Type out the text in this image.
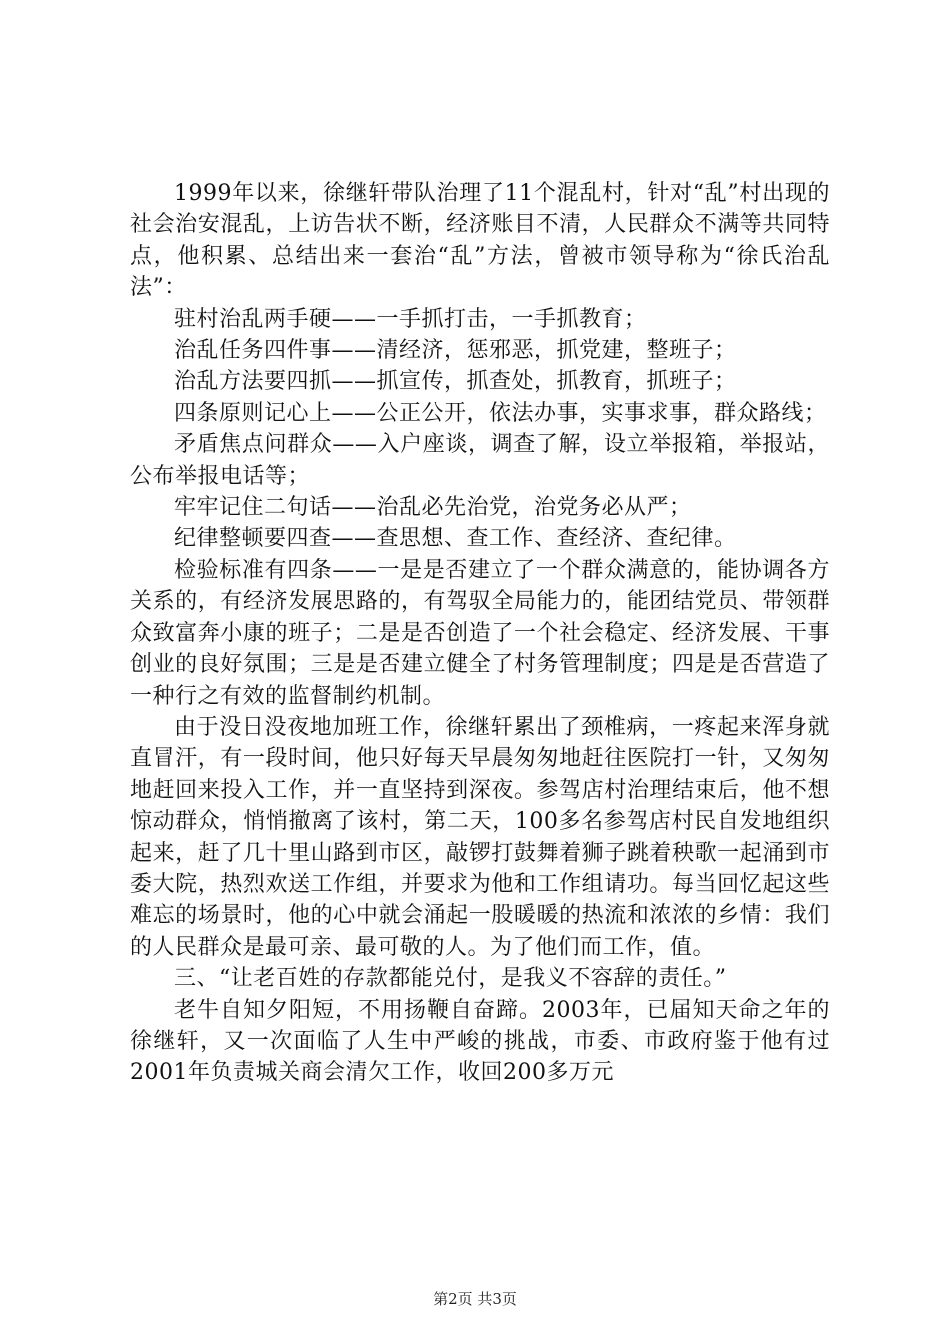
1999年以来，徐继轩带队治理了11个混乱村，针对“乱”村出现的社会治安混乱，上访告状不断，经济账目不清，人民群众不满等共同特点，他积累、总结出来一套治“乱”方法，曾被市领导称为“徐氏治乱法”：

驻村治乱两手硬——一手抓打击，一手抓教育；

治乱任务四件事——清经济，惩邪恶，抓党建，整班子；

治乱方法要四抓——抓宣传，抓查处，抓教育，抓班子；

四条原则记心上——公正公开，依法办事，实事求事，群众路线；

矛盾焦点问群众——入户座谈，调查了解，设立举报箱，举报站，公布举报电话等；

牢牢记住二句话——治乱必先治党，治党务必从严；

纪律整顿要四查——查思想、查工作、查经济、查纪律。

检验标准有四条——一是是否建立了一个群众满意的，能协调各方关系的，有经济发展思路的，有驾驭全局能力的，能团结党员、带领群众致富奔小康的班子；二是是否创造了一个社会稳定、经济发展、干事创业的良好氛围；三是是否建立健全了村务管理制度；四是是否营造了一种行之有效的监督制约机制。

由于没日没夜地加班工作，徐继轩累出了颈椎病，一疼起来浑身就直冒汗，有一段时间，他只好每天早晨匆匆地赶往医院打一针，又匆匆地赶回来投入工作，并一直坚持到深夜。参驾店村治理结束后，他不想惊动群众，悄悄撤离了该村，第二天，100多名参驾店村民自发地组织起来，赶了几十里山路到市区，敲锣打鼓舞着狮子跳着秧歌一起涌到市委大院，热烈欢送工作组，并要求为他和工作组请功。每当回忆起这些难忘的场景时，他的心中就会涌起一股暖暖的热流和浓浓的乡情：我们的人民群众是最可亲、最可敬的人。为了他们而工作，值。

三、“让老百姓的存款都能兑付，是我义不容辞的责任。”

老牛自知夕阳短，不用扬鞭自奋蹄。2003年，已届知天命之年的徐继轩，又一次面临了人生中严峻的挑战，市委、市政府鉴于他有过2001年负责城关商会清欠工作，收回200多万元

第2页 共3页
